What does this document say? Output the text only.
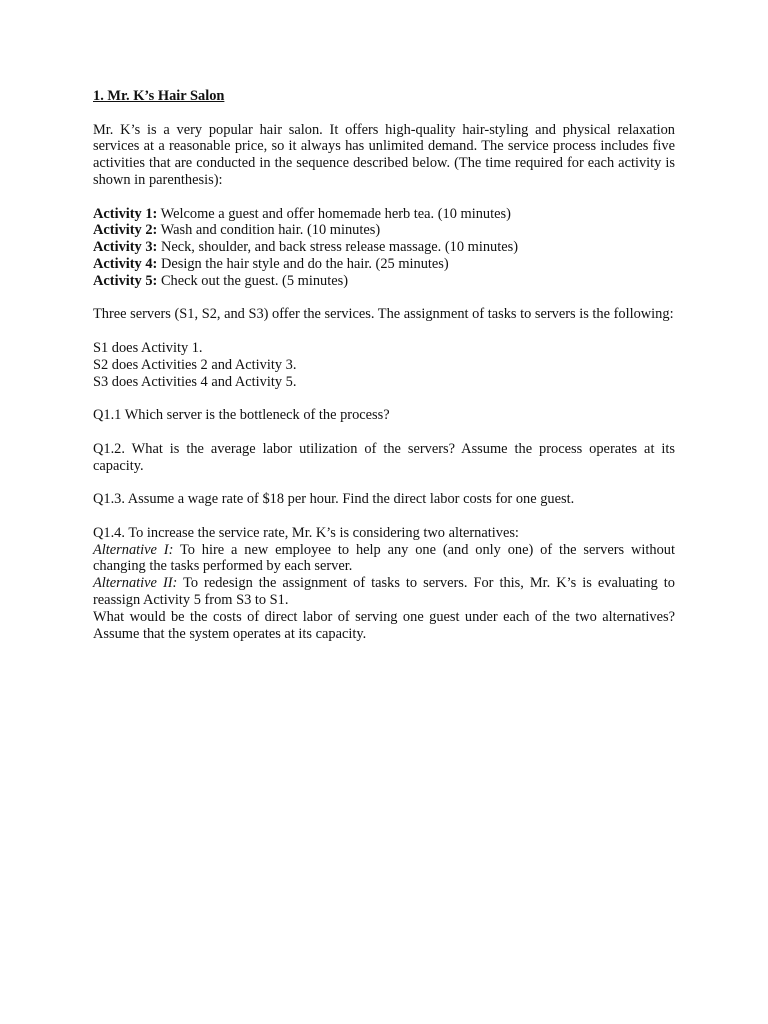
1. Mr. K’s Hair Salon

Mr. K’s is a very popular hair salon. It offers high-quality hair-styling and physical relaxation services at a reasonable price, so it always has unlimited demand. The service process includes five activities that are conducted in the sequence described below. (The time required for each activity is shown in parenthesis):

Activity 1: Welcome a guest and offer homemade herb tea. (10 minutes)
Activity 2: Wash and condition hair. (10 minutes)
Activity 3: Neck, shoulder, and back stress release massage. (10 minutes)
Activity 4: Design the hair style and do the hair. (25 minutes)
Activity 5: Check out the guest. (5 minutes)

Three servers (S1, S2, and S3) offer the services. The assignment of tasks to servers is the following:

S1 does Activity 1.
S2 does Activities 2 and Activity 3.
S3 does Activities 4 and Activity 5.

Q1.1 Which server is the bottleneck of the process?

Q1.2. What is the average labor utilization of the servers? Assume the process operates at its capacity.

Q1.3. Assume a wage rate of $18 per hour. Find the direct labor costs for one guest.

Q1.4. To increase the service rate, Mr. K’s is considering two alternatives:

Alternative I: To hire a new employee to help any one (and only one) of the servers without changing the tasks performed by each server.

Alternative II: To redesign the assignment of tasks to servers. For this, Mr. K’s is evaluating to reassign Activity 5 from S3 to S1.

What would be the costs of direct labor of serving one guest under each of the two alternatives? Assume that the system operates at its capacity.
